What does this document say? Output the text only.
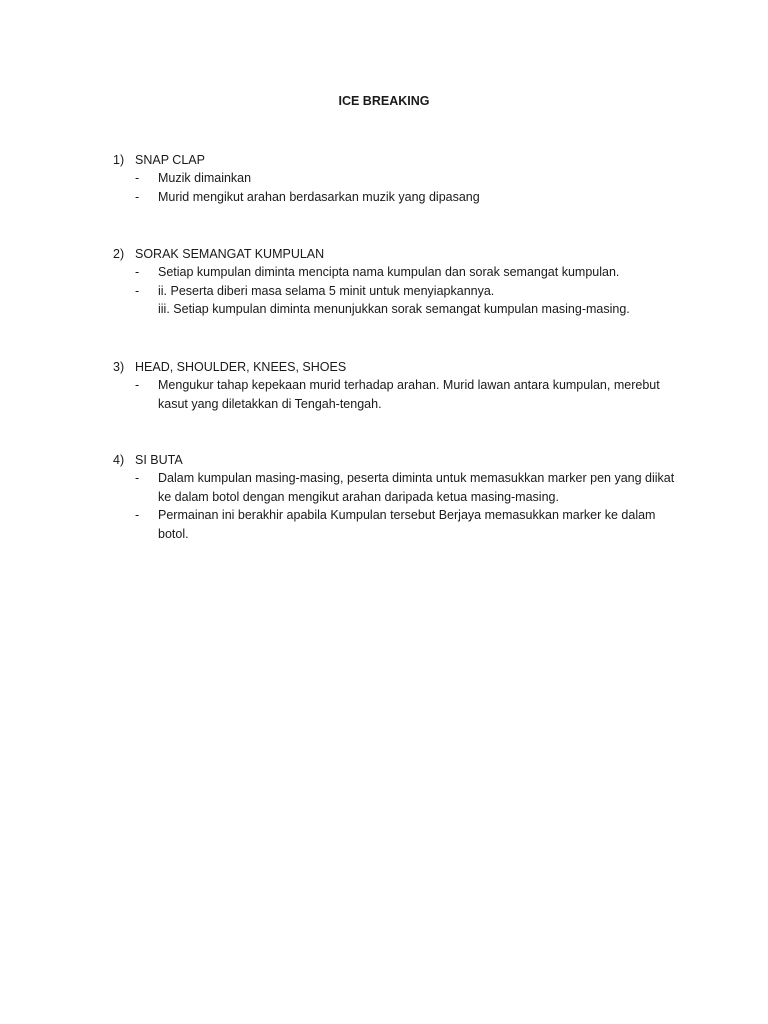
ICE BREAKING
1) SNAP CLAP
-	Muzik dimainkan
-	Murid mengikut arahan berdasarkan muzik yang dipasang
2) SORAK SEMANGAT KUMPULAN
-	Setiap kumpulan diminta mencipta nama kumpulan dan sorak semangat kumpulan.
-	ii. Peserta diberi masa selama 5 minit untuk menyiapkannya.
iii. Setiap kumpulan diminta menunjukkan sorak semangat kumpulan masing-masing.
3) HEAD, SHOULDER, KNEES, SHOES
-	Mengukur tahap kepekaan murid terhadap arahan. Murid lawan antara kumpulan, merebut kasut yang diletakkan di Tengah-tengah.
4) SI BUTA
-	Dalam kumpulan masing-masing, peserta diminta untuk memasukkan marker pen yang diikat ke dalam botol dengan mengikut arahan daripada ketua masing-masing.
-	Permainan ini berakhir apabila Kumpulan tersebut Berjaya memasukkan marker ke dalam botol.
